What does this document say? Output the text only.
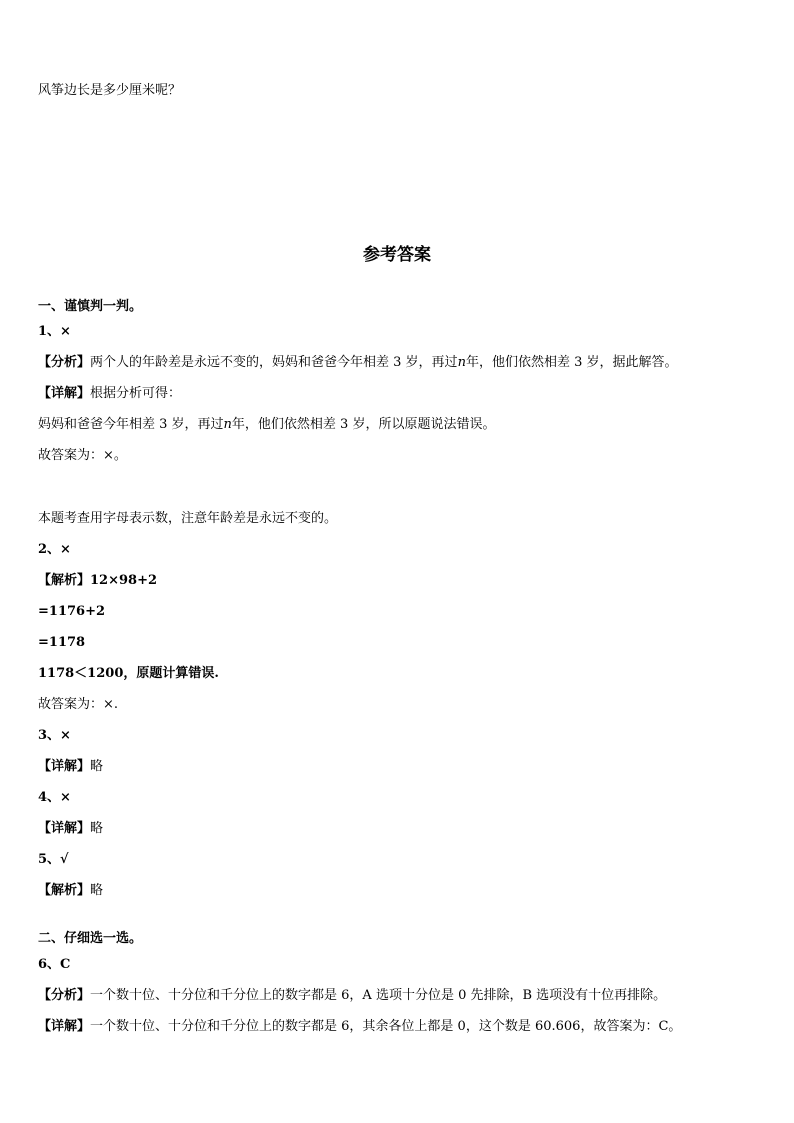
风筝边长是多少厘米呢？
参考答案
一、谨慎判一判。
1、×
【分析】两个人的年龄差是永远不变的，妈妈和爸爸今年相差 3 岁，再过n年，他们依然相差 3 岁，据此解答。
【详解】根据分析可得：
妈妈和爸爸今年相差 3 岁，再过n年，他们依然相差 3 岁，所以原题说法错误。
故答案为：×。
本题考查用字母表示数，注意年龄差是永远不变的。
2、×
【解析】12×98+2
=1176+2
=1178
1178＜1200，原题计算错误.
故答案为：×.
3、×
【详解】略
4、×
【详解】略
5、√
【解析】略
二、仔细选一选。
6、C
【分析】一个数十位、十分位和千分位上的数字都是 6，A 选项十分位是 0 先排除，B 选项没有十位再排除。
【详解】一个数十位、十分位和千分位上的数字都是 6，其余各位上都是 0，这个数是 60.606，故答案为：C。
